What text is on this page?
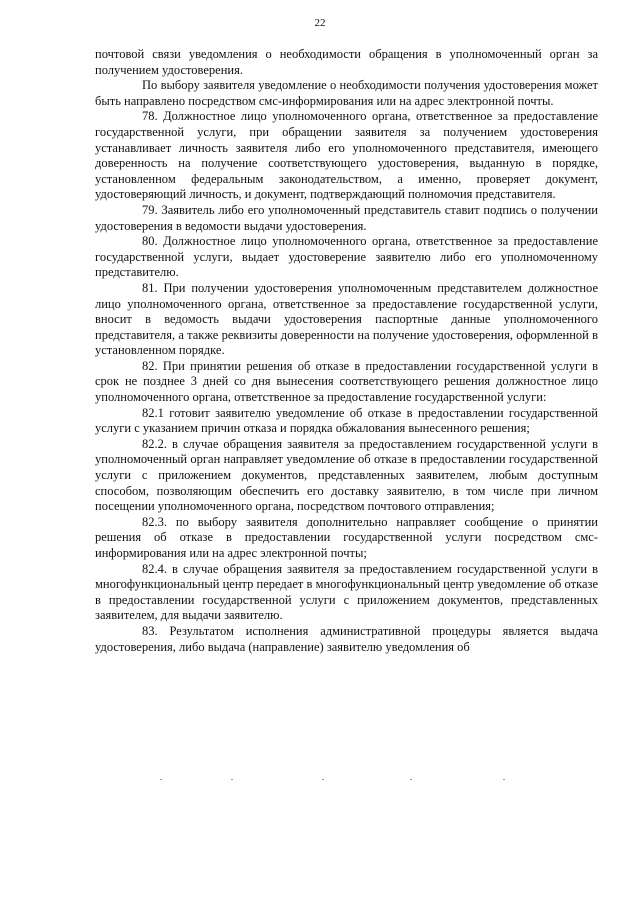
22

почтовой связи уведомления о необходимости обращения в уполномоченный орган за получением удостоверения.

По выбору заявителя уведомление о необходимости получения удостоверения может быть направлено посредством смс-информирования или на адрес электронной почты.

78. Должностное лицо уполномоченного органа, ответственное за предоставление государственной услуги, при обращении заявителя за получением удостоверения устанавливает личность заявителя либо его уполномоченного представителя, имеющего доверенность на получение соответствующего удостоверения, выданную в порядке, установленном федеральным законодательством, а именно, проверяет документ, удостоверяющий личность, и документ, подтверждающий полномочия представителя.

79. Заявитель либо его уполномоченный представитель ставит подпись о получении удостоверения в ведомости выдачи удостоверения.

80. Должностное лицо уполномоченного органа, ответственное за предоставление государственной услуги, выдает удостоверение заявителю либо его уполномоченному представителю.

81. При получении удостоверения уполномоченным представителем должностное лицо уполномоченного органа, ответственное за предоставление государственной услуги, вносит в ведомость выдачи удостоверения паспортные данные уполномоченного представителя, а также реквизиты доверенности на получение удостоверения, оформленной в установленном порядке.

82. При принятии решения об отказе в предоставлении государственной услуги в срок не позднее 3 дней со дня вынесения соответствующего решения должностное лицо уполномоченного органа, ответственное за предоставление государственной услуги:

82.1 готовит заявителю уведомление об отказе в предоставлении государственной услуги с указанием причин отказа и порядка обжалования вынесенного решения;

82.2. в случае обращения заявителя за предоставлением государственной услуги в уполномоченный орган направляет уведомление об отказе в предоставлении государственной услуги с приложением документов, представленных заявителем, любым доступным способом, позволяющим обеспечить его доставку заявителю, в том числе при личном посещении уполномоченного органа, посредством почтового отправления;

82.3. по выбору заявителя дополнительно направляет сообщение о принятии решения об отказе в предоставлении государственной услуги посредством смс-информирования или на адрес электронной почты;

82.4. в случае обращения заявителя за предоставлением государственной услуги в многофункциональный центр передает в многофункциональный центр уведомление об отказе в предоставлении государственной услуги с приложением документов, представленных заявителем, для выдачи заявителю.

83. Результатом исполнения административной процедуры является выдача удостоверения, либо выдача (направление) заявителю уведомления об
